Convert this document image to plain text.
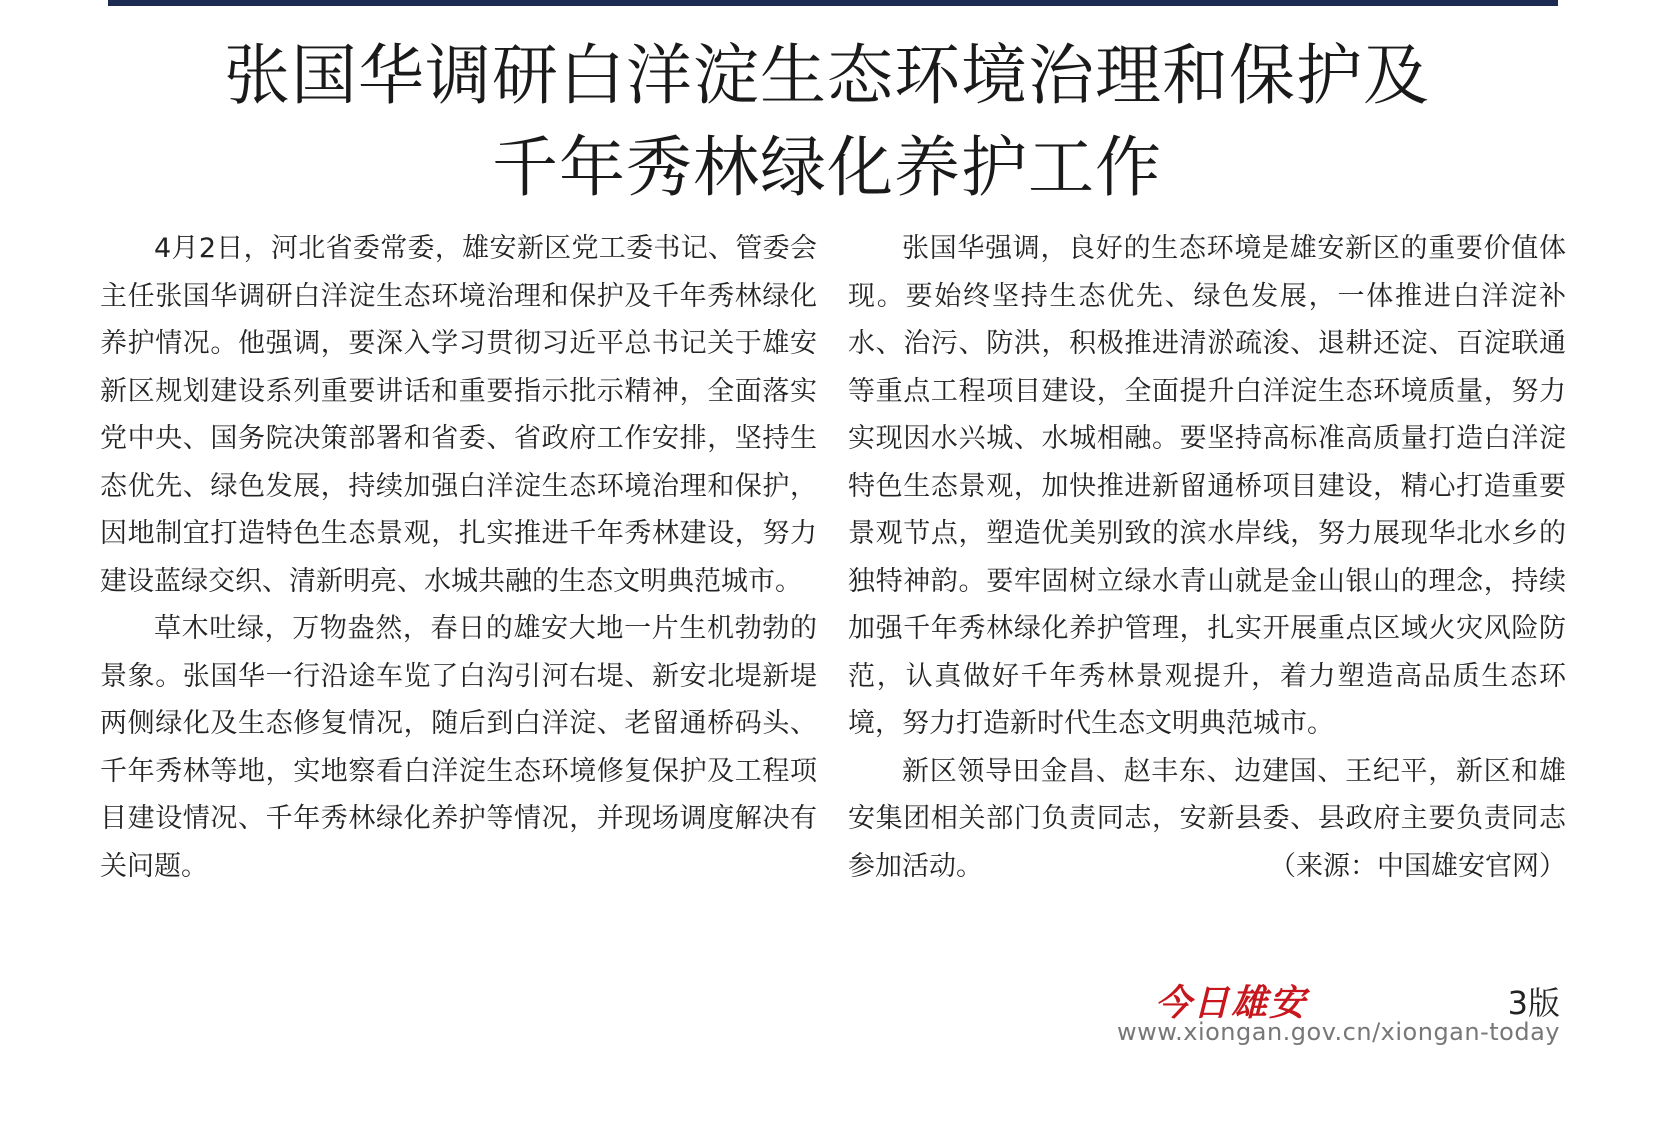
张国华调研白洋淀生态环境治理和保护及
千年秀林绿化养护工作

4月2日，河北省委常委，雄安新区党工委书记、管委会主任张国华调研白洋淀生态环境治理和保护及千年秀林绿化养护情况。他强调，要深入学习贯彻习近平总书记关于雄安新区规划建设系列重要讲话和重要指示批示精神，全面落实党中央、国务院决策部署和省委、省政府工作安排，坚持生态优先、绿色发展，持续加强白洋淀生态环境治理和保护，因地制宜打造特色生态景观，扎实推进千年秀林建设，努力建设蓝绿交织、清新明亮、水城共融的生态文明典范城市。

草木吐绿，万物盎然，春日的雄安大地一片生机勃勃的景象。张国华一行沿途车览了白沟引河右堤、新安北堤新堤两侧绿化及生态修复情况，随后到白洋淀、老留通桥码头、千年秀林等地，实地察看白洋淀生态环境修复保护及工程项目建设情况、千年秀林绿化养护等情况，并现场调度解决有关问题。

张国华强调，良好的生态环境是雄安新区的重要价值体现。要始终坚持生态优先、绿色发展，一体推进白洋淀补水、治污、防洪，积极推进清淤疏浚、退耕还淀、百淀联通等重点工程项目建设，全面提升白洋淀生态环境质量，努力实现因水兴城、水城相融。要坚持高标准高质量打造白洋淀特色生态景观，加快推进新留通桥项目建设，精心打造重要景观节点，塑造优美别致的滨水岸线，努力展现华北水乡的独特神韵。要牢固树立绿水青山就是金山银山的理念，持续加强千年秀林绿化养护管理，扎实开展重点区域火灾风险防范，认真做好千年秀林景观提升，着力塑造高品质生态环境，努力打造新时代生态文明典范城市。

新区领导田金昌、赵丰东、边建国、王纪平，新区和雄安集团相关部门负责同志，安新县委、县政府主要负责同志参加活动。	（来源：中国雄安官网）
今日雄安	3版
www.xiongan.gov.cn/xiongan-today
